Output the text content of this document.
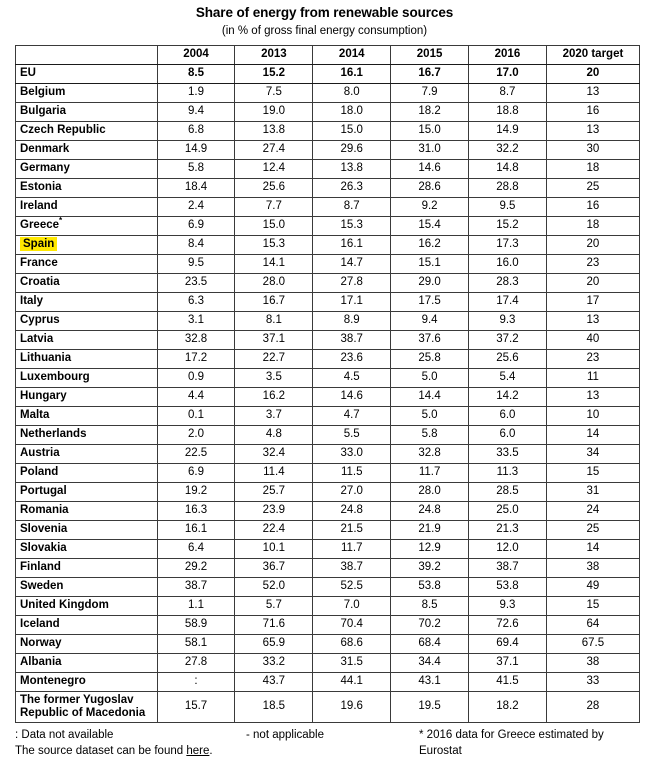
Share of energy from renewable sources
(in % of gross final energy consumption)
	2004	2013	2014	2015	2016	2020 target
EU	8.5	15.2	16.1	16.7	17.0	20
Belgium	1.9	7.5	8.0	7.9	8.7	13
Bulgaria	9.4	19.0	18.0	18.2	18.8	16
Czech Republic	6.8	13.8	15.0	15.0	14.9	13
Denmark	14.9	27.4	29.6	31.0	32.2	30
Germany	5.8	12.4	13.8	14.6	14.8	18
Estonia	18.4	25.6	26.3	28.6	28.8	25
Ireland	2.4	7.7	8.7	9.2	9.5	16
Greece*	6.9	15.0	15.3	15.4	15.2	18
Spain	8.4	15.3	16.1	16.2	17.3	20
France	9.5	14.1	14.7	15.1	16.0	23
Croatia	23.5	28.0	27.8	29.0	28.3	20
Italy	6.3	16.7	17.1	17.5	17.4	17
Cyprus	3.1	8.1	8.9	9.4	9.3	13
Latvia	32.8	37.1	38.7	37.6	37.2	40
Lithuania	17.2	22.7	23.6	25.8	25.6	23
Luxembourg	0.9	3.5	4.5	5.0	5.4	11
Hungary	4.4	16.2	14.6	14.4	14.2	13
Malta	0.1	3.7	4.7	5.0	6.0	10
Netherlands	2.0	4.8	5.5	5.8	6.0	14
Austria	22.5	32.4	33.0	32.8	33.5	34
Poland	6.9	11.4	11.5	11.7	11.3	15
Portugal	19.2	25.7	27.0	28.0	28.5	31
Romania	16.3	23.9	24.8	24.8	25.0	24
Slovenia	16.1	22.4	21.5	21.9	21.3	25
Slovakia	6.4	10.1	11.7	12.9	12.0	14
Finland	29.2	36.7	38.7	39.2	38.7	38
Sweden	38.7	52.0	52.5	53.8	53.8	49
United Kingdom	1.1	5.7	7.0	8.5	9.3	15
Iceland	58.9	71.6	70.4	70.2	72.6	64
Norway	58.1	65.9	68.6	68.4	69.4	67.5
Albania	27.8	33.2	31.5	34.4	37.1	38
Montenegro	:	43.7	44.1	43.1	41.5	33
The former Yugoslav Republic of Macedonia	15.7	18.5	19.6	19.5	18.2	28
: Data not available	- not applicable	* 2016 data for Greece estimated by Eurostat
The source dataset can be found here.
